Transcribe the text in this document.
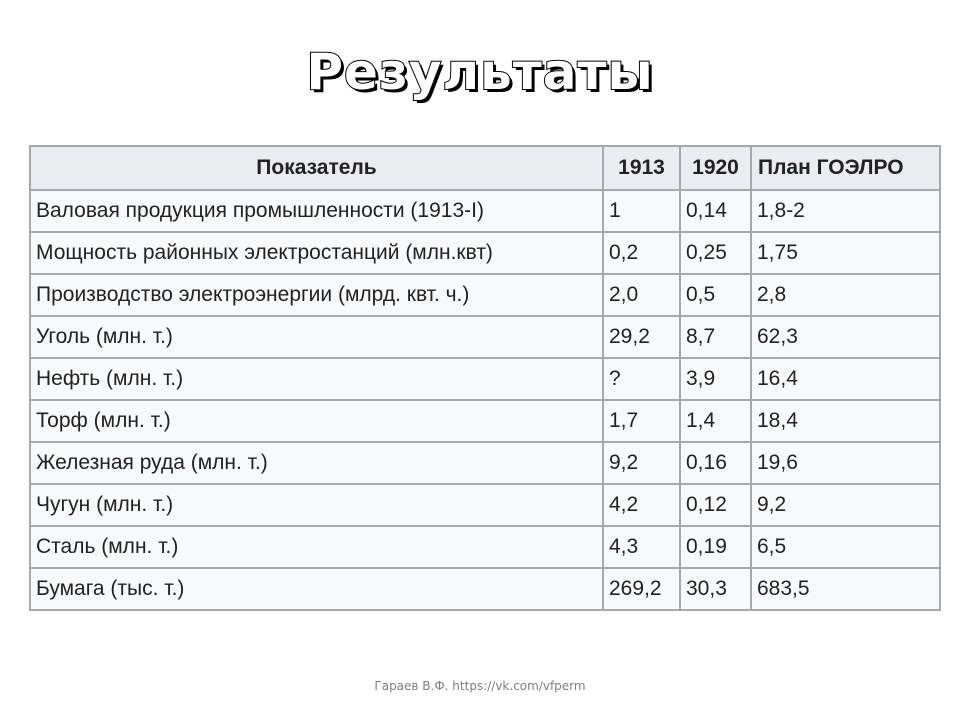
Результаты
Показатель	1913	1920	План ГОЭЛРО
Валовая продукция промышленности (1913-I)	1	0,14	1,8-2
Мощность районных электростанций (млн.квт)	0,2	0,25	1,75
Производство электроэнергии (млрд. квт. ч.)	2,0	0,5	2,8
Уголь (млн. т.)	29,2	8,7	62,3
Нефть (млн. т.)	?	3,9	16,4
Торф (млн. т.)	1,7	1,4	18,4
Железная руда (млн. т.)	9,2	0,16	19,6
Чугун (млн. т.)	4,2	0,12	9,2
Сталь (млн. т.)	4,3	0,19	6,5
Бумага (тыс. т.)	269,2	30,3	683,5
Гараев В.Ф. https://vk.com/vfperm
